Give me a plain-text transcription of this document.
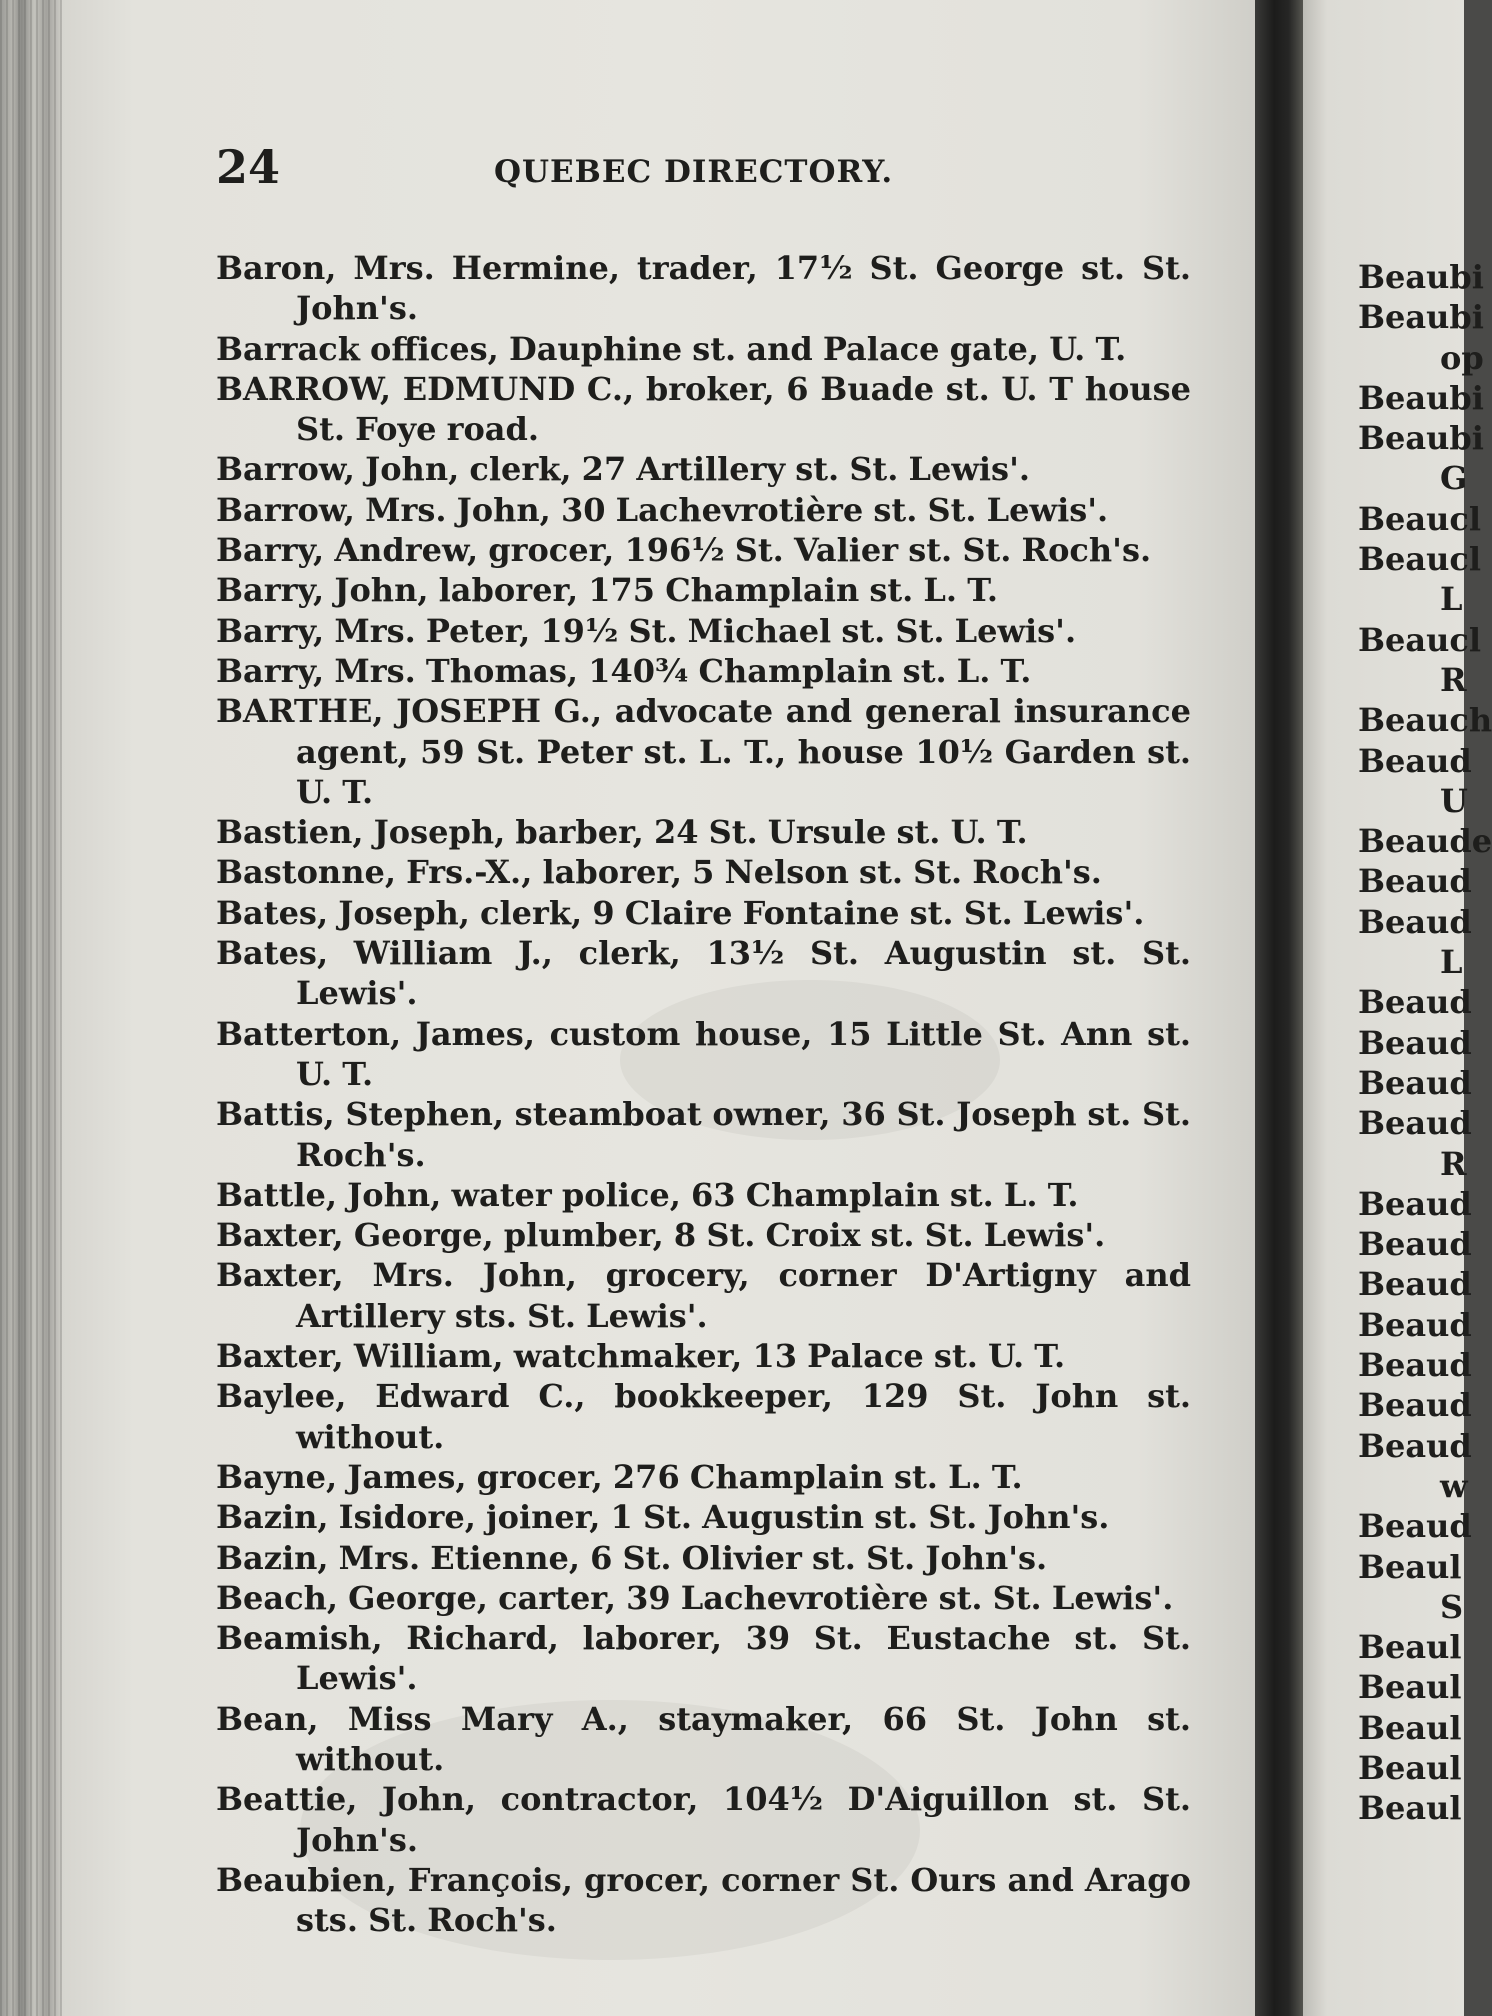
24	QUEBEC DIRECTORY.

Baron, Mrs. Hermine, trader, 17½ St. George st. St. John's.

Barrack offices, Dauphine st. and Palace gate, U. T.

BARROW, EDMUND C., broker, 6 Buade st. U. T house St. Foye road.

Barrow, John, clerk, 27 Artillery st. St. Lewis'.

Barrow, Mrs. John, 30 Lachevrotière st. St. Lewis'.

Barry, Andrew, grocer, 196½ St. Valier st. St. Roch's.

Barry, John, laborer, 175 Champlain st. L. T.

Barry, Mrs. Peter, 19½ St. Michael st. St. Lewis'.

Barry, Mrs. Thomas, 140¾ Champlain st. L. T.

BARTHE, JOSEPH G., advocate and general insurance agent, 59 St. Peter st. L. T., house 10½ Garden st. U. T.

Bastien, Joseph, barber, 24 St. Ursule st. U. T.

Bastonne, Frs.-X., laborer, 5 Nelson st. St. Roch's.

Bates, Joseph, clerk, 9 Claire Fontaine st. St. Lewis'.

Bates, William J., clerk, 13½ St. Augustin st. St. Lewis'.

Batterton, James, custom house, 15 Little St. Ann st. U. T.

Battis, Stephen, steamboat owner, 36 St. Joseph st. St. Roch's.

Battle, John, water police, 63 Champlain st. L. T.

Baxter, George, plumber, 8 St. Croix st. St. Lewis'.

Baxter, Mrs. John, grocery, corner D'Artigny and Artillery sts. St. Lewis'.

Baxter, William, watchmaker, 13 Palace st. U. T.

Baylee, Edward C., bookkeeper, 129 St. John st. without.

Bayne, James, grocer, 276 Champlain st. L. T.

Bazin, Isidore, joiner, 1 St. Augustin st. St. John's.

Bazin, Mrs. Etienne, 6 St. Olivier st. St. John's.

Beach, George, carter, 39 Lachevrotière st. St. Lewis'.

Beamish, Richard, laborer, 39 St. Eustache st. St. Lewis'.

Bean, Miss Mary A., staymaker, 66 St. John st. without.

Beattie, John, contractor, 104½ D'Aiguillon st. St. John's.

Beaubien, François, grocer, corner St. Ours and Arago sts. St. Roch's.

Beaubi
Beaubi
op
Beaubi
Beaubi
G
Beaucl
Beaucl
L
Beaucl
R
Beauch
Beaud
U
Beaude
Beaud
Beaud
L
Beaud
Beaud
Beaud
Beaud
R
Beaud
Beaud
Beaud
Beaud
Beaud
Beaud
Beaud
w
Beaud
Beaul
S
Beaul
Beaul
Beaul
Beaul
Beaul
